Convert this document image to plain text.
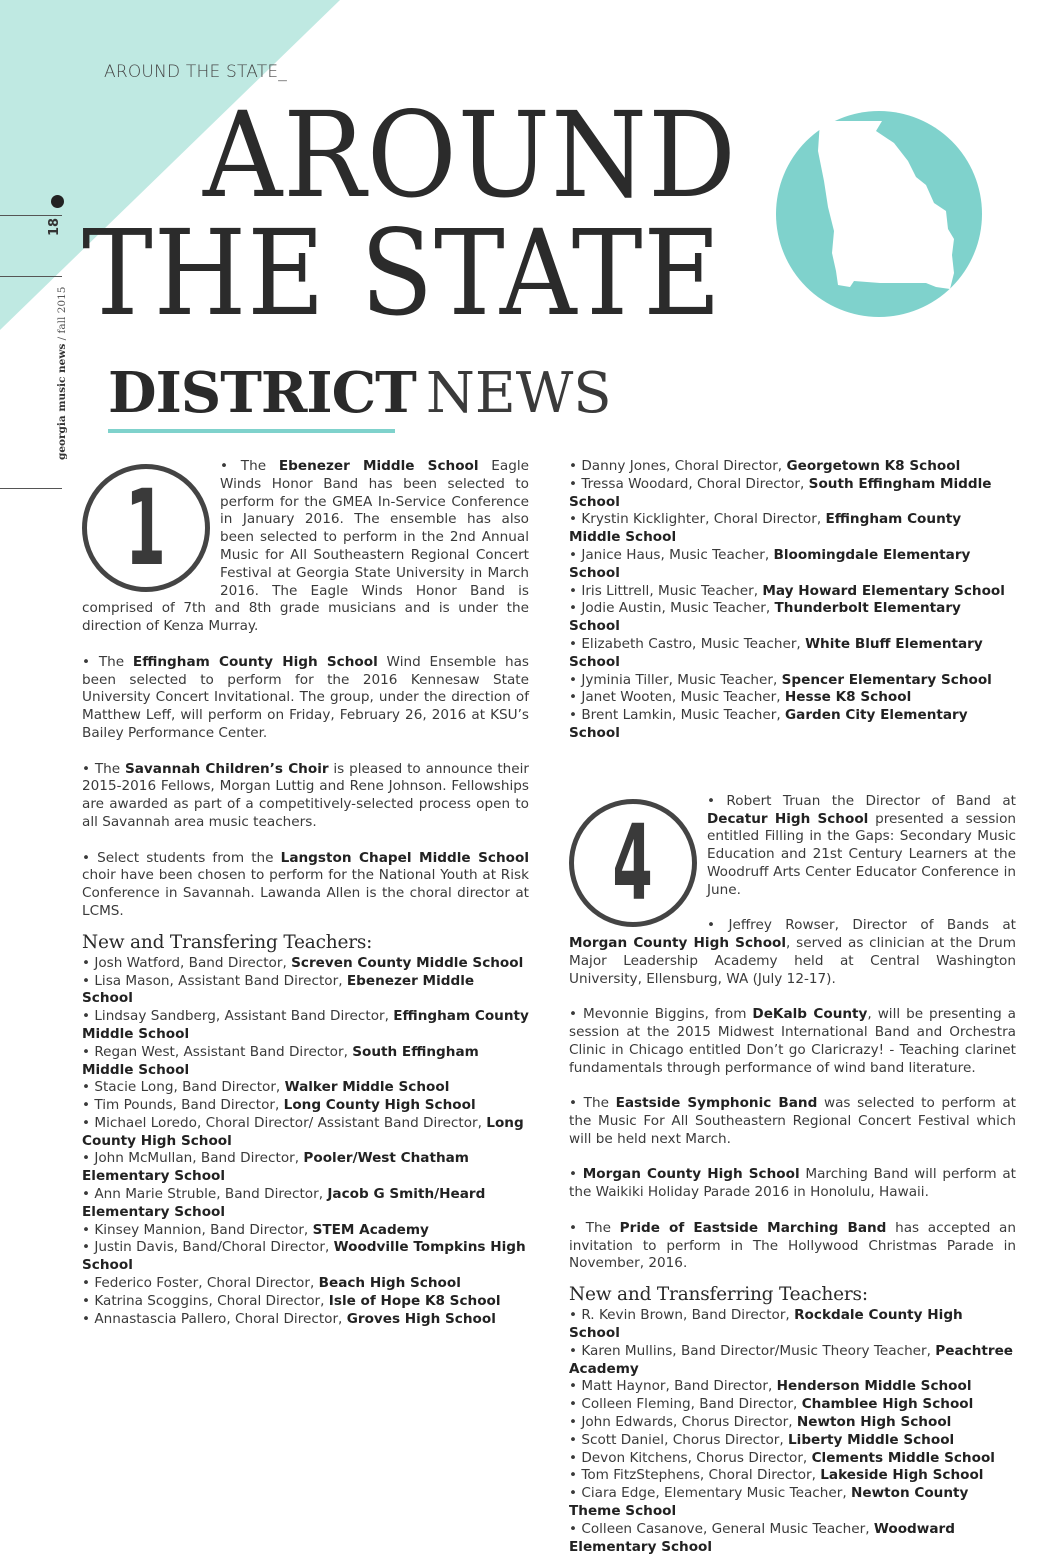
AROUND THE STATE_
AROUND
THE STATE
18
georgia music news / fall 2015
DISTRICT NEWS
1

• The Ebenezer Middle School Eagle Winds Honor Band has been selected to perform for the GMEA In-Service Conference in January 2016. The ensemble has also been selected to perform in the 2nd Annual Music for All Southeastern Regional Concert Festival at Georgia State University in March 2016. The Eagle Winds Honor Band is comprised of 7th and 8th grade musicians and is under the direction of Kenza Murray.

• The Effingham County High School Wind Ensemble has been selected to perform for the 2016 Kennesaw State University Concert Invitational. The group, under the direction of Matthew Leff, will perform on Friday, February 26, 2016 at KSU’s Bailey Performance Center.

• The Savannah Children’s Choir is pleased to announce their 2015-2016 Fellows, Morgan Luttig and Rene Johnson. Fellowships are awarded as part of a competitively-selected process open to all Savannah area music teachers.

• Select students from the Langston Chapel Middle School choir have been chosen to perform for the National Youth at Risk Conference in Savannah. Lawanda Allen is the choral director at LCMS.

New and Transfering Teachers:
• Josh Watford, Band Director, Screven County Middle School
• Lisa Mason, Assistant Band Director, Ebenezer Middle School
• Lindsay Sandberg, Assistant Band Director, Effingham County Middle School
• Regan West, Assistant Band Director, South Effingham Middle School
• Stacie Long, Band Director, Walker Middle School
• Tim Pounds, Band Director, Long County High School
• Michael Loredo, Choral Director/ Assistant Band Director, Long County High School
• John McMullan, Band Director, Pooler/West Chatham Elementary School
• Ann Marie Struble, Band Director, Jacob G Smith/Heard Elementary School
• Kinsey Mannion, Band Director, STEM Academy
• Justin Davis, Band/Choral Director, Woodville Tompkins High School
• Federico Foster, Choral Director, Beach High School
• Katrina Scoggins, Choral Director, Isle of Hope K8 School
• Annastascia Pallero, Choral Director, Groves High School
• Danny Jones, Choral Director, Georgetown K8 School
• Tressa Woodard, Choral Director, South Effingham Middle School
• Krystin Kicklighter, Choral Director, Effingham County Middle School
• Janice Haus, Music Teacher, Bloomingdale Elementary School
• Iris Littrell, Music Teacher, May Howard Elementary School
• Jodie Austin, Music Teacher, Thunderbolt Elementary School
• Elizabeth Castro, Music Teacher, White Bluff Elementary School
• Jyminia Tiller, Music Teacher, Spencer Elementary School
• Janet Wooten, Music Teacher, Hesse K8 School
• Brent Lamkin, Music Teacher, Garden City Elementary School
4

• Robert Truan the Director of Band at Decatur High School presented a session entitled Filling in the Gaps: Secondary Music Education and 21st Century Learners at the Woodruff Arts Center Educator Conference in June.

• Jeffrey Rowser, Director of Bands at Morgan County High School, served as clinician at the Drum Major Leadership Academy held at Central Washington University, Ellensburg, WA (July 12-17).

• Mevonnie Biggins, from DeKalb County, will be presenting a session at the 2015 Midwest International Band and Orchestra Clinic in Chicago entitled Don’t go Claricrazy! - Teaching clarinet fundamentals through performance of wind band literature.

• The Eastside Symphonic Band was selected to perform at the Music For All Southeastern Regional Concert Festival which will be held next March.

• Morgan County High School Marching Band will perform at the Waikiki Holiday Parade 2016 in Honolulu, Hawaii.

• The Pride of Eastside Marching Band has accepted an invitation to perform in The Hollywood Christmas Parade in November, 2016.

New and Transferring Teachers:
• R. Kevin Brown, Band Director, Rockdale County High School
• Karen Mullins, Band Director/Music Theory Teacher, Peachtree Academy
• Matt Haynor, Band Director, Henderson Middle School
• Colleen Fleming, Band Director, Chamblee High School
• John Edwards, Chorus Director, Newton High School
• Scott Daniel, Chorus Director, Liberty Middle School
• Devon Kitchens, Chorus Director, Clements Middle School
• Tom FitzStephens, Choral Director, Lakeside High School
• Ciara Edge, Elementary Music Teacher, Newton County Theme School
• Colleen Casanove, General Music Teacher, Woodward Elementary School
